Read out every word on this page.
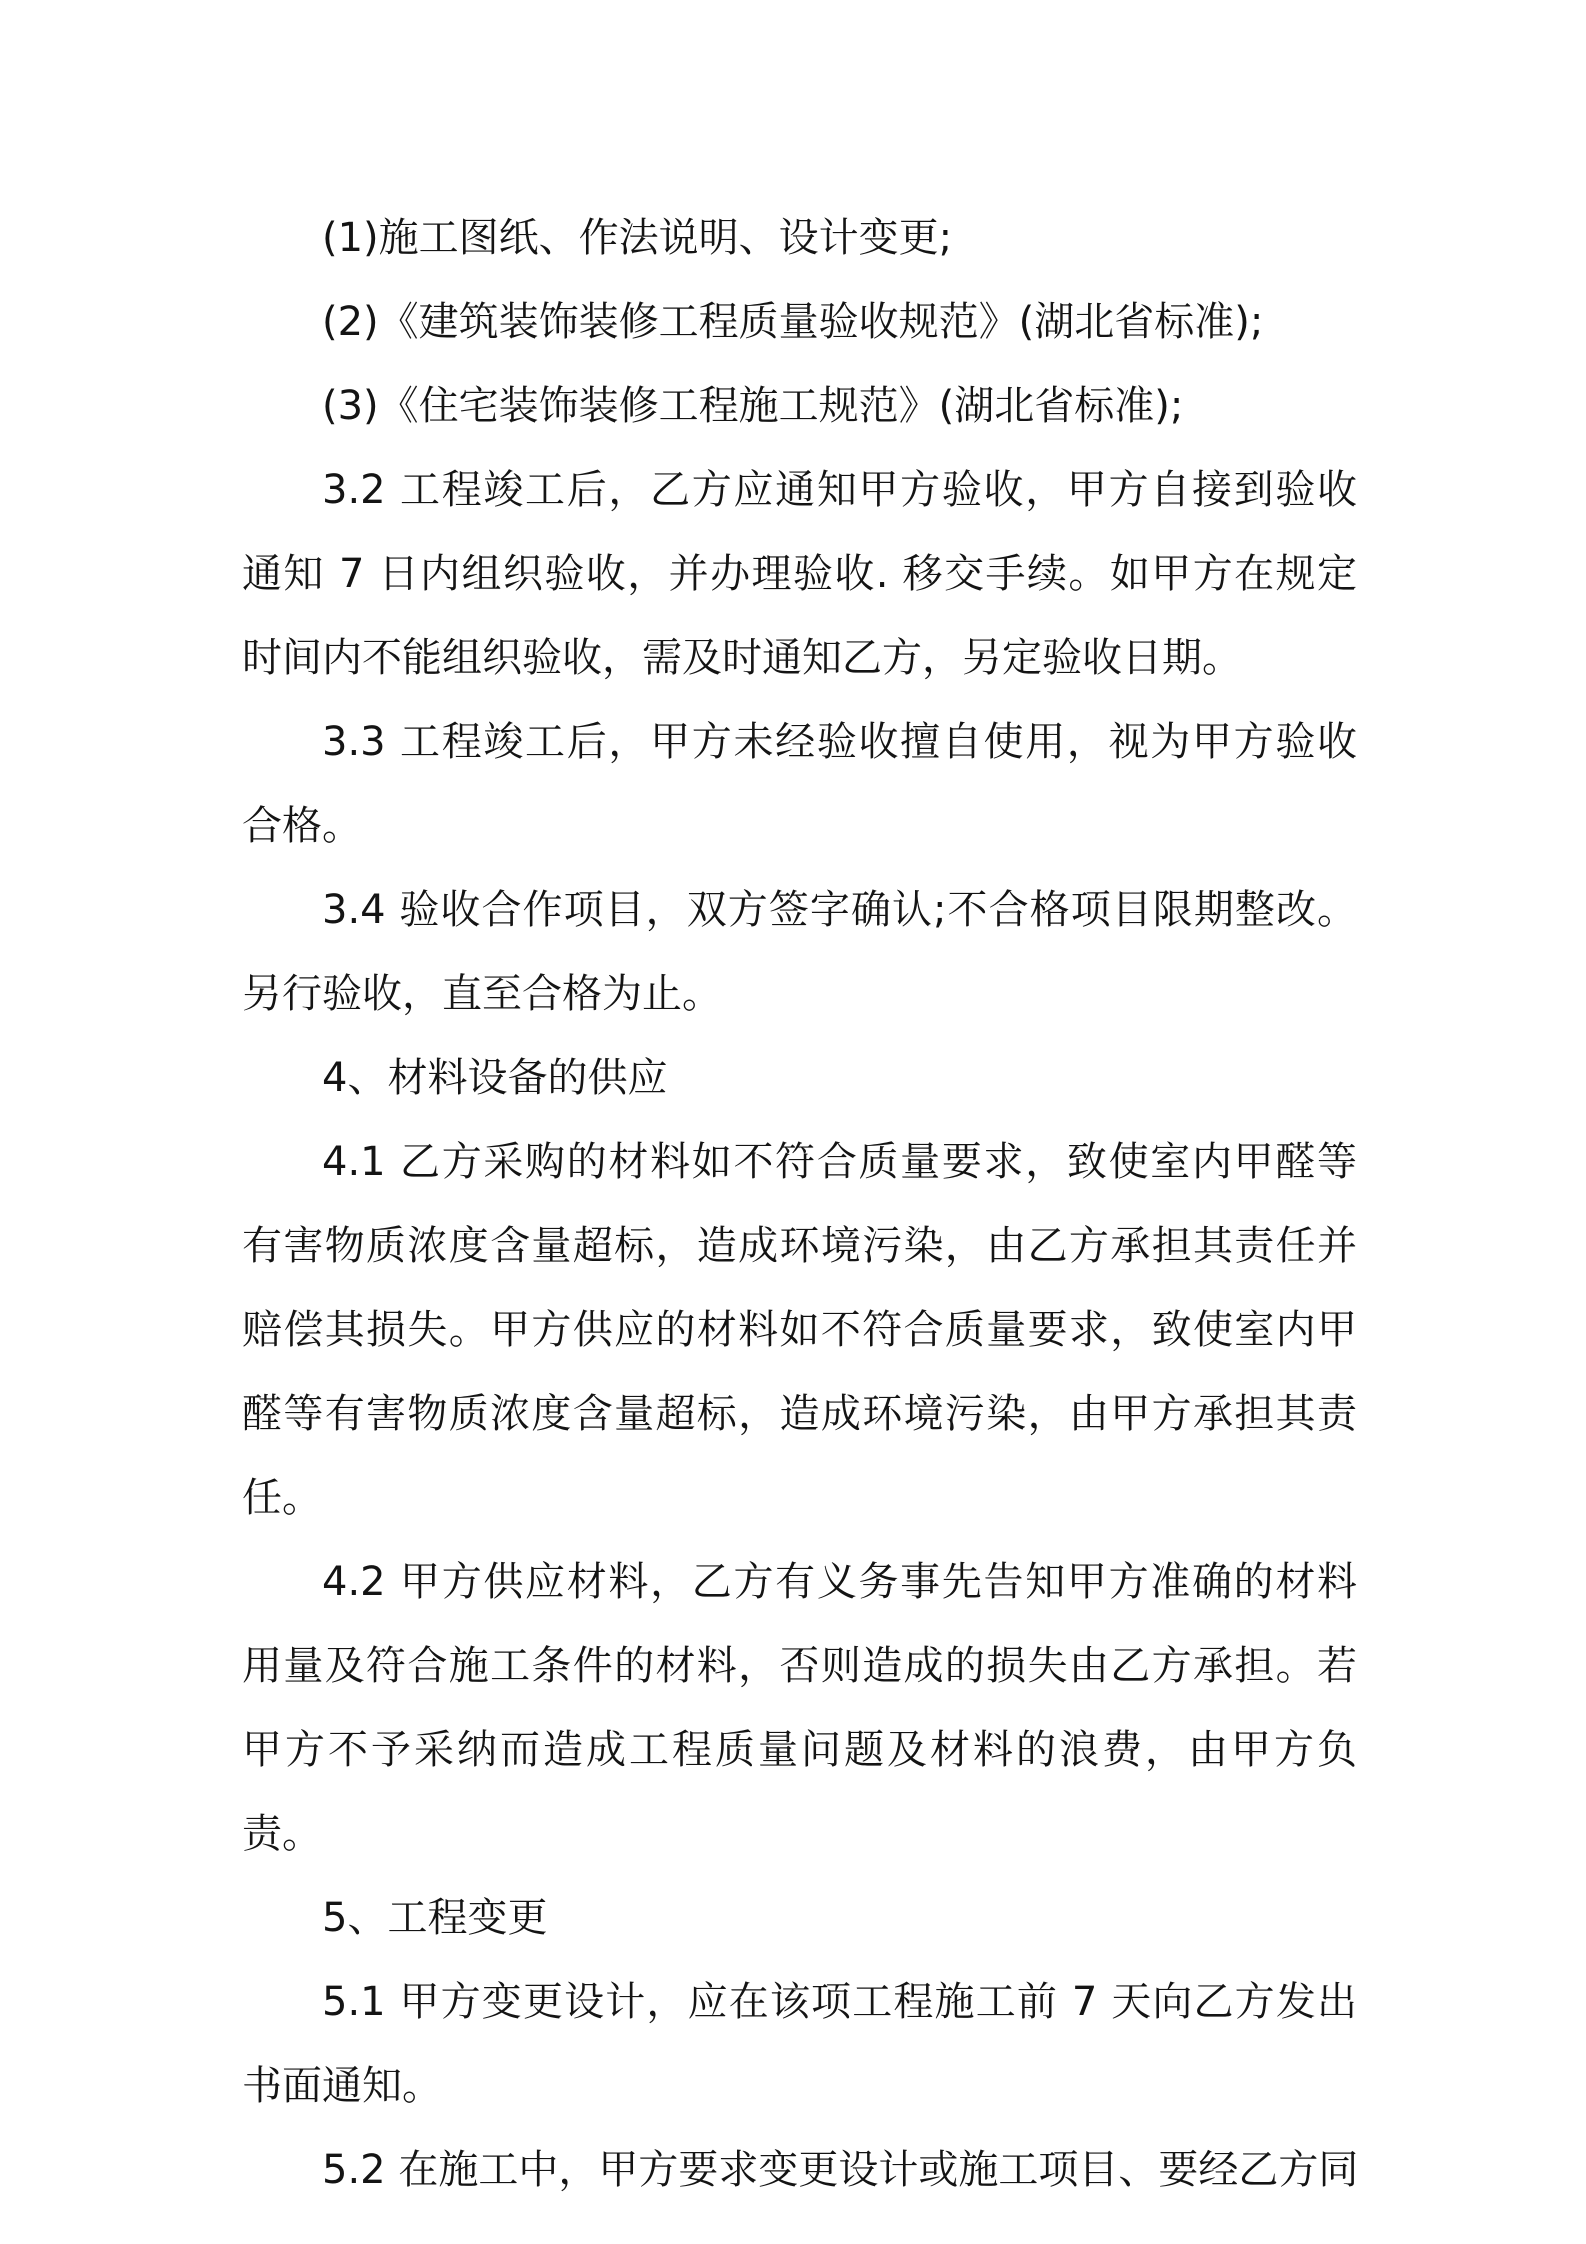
(1)施工图纸、作法说明、设计变更;

(2)《建筑装饰装修工程质量验收规范》(湖北省标准);

(3)《住宅装饰装修工程施工规范》(湖北省标准);

3.2 工程竣工后，乙方应通知甲方验收，甲方自接到验收通知 7 日内组织验收，并办理验收. 移交手续。如甲方在规定时间内不能组织验收，需及时通知乙方，另定验收日期。

3.3 工程竣工后，甲方未经验收擅自使用，视为甲方验收合格。

3.4 验收合作项目，双方签字确认;不合格项目限期整改。另行验收，直至合格为止。

4、材料设备的供应

4.1 乙方采购的材料如不符合质量要求，致使室内甲醛等有害物质浓度含量超标，造成环境污染，由乙方承担其责任并赔偿其损失。甲方供应的材料如不符合质量要求，致使室内甲醛等有害物质浓度含量超标，造成环境污染，由甲方承担其责任。

4.2 甲方供应材料，乙方有义务事先告知甲方准确的材料用量及符合施工条件的材料，否则造成的损失由乙方承担。若甲方不予采纳而造成工程质量问题及材料的浪费，由甲方负责。

5、工程变更

5.1 甲方变更设计，应在该项工程施工前 7 天向乙方发出书面通知。

5.2 在施工中，甲方要求变更设计或施工项目、要经乙方同
